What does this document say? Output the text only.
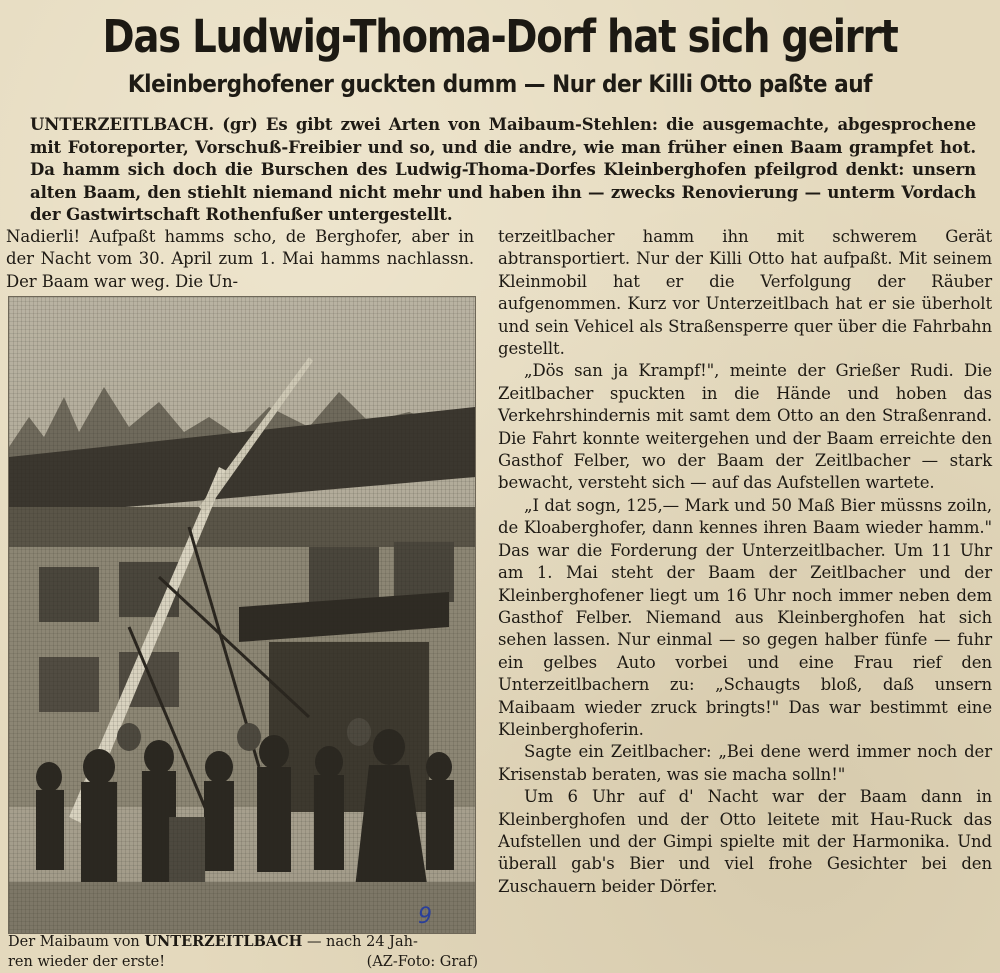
Das Ludwig-Thoma-Dorf hat sich geirrt
Kleinberghofener guckten dumm — Nur der Killi Otto paßte auf
UNTERZEITLBACH. (gr) Es gibt zwei Arten von Maibaum-Stehlen: die ausgemachte, abgesprochene mit Fotoreporter, Vorschuß-Freibier und so, und die andre, wie man früher einen Baam grampfet hot. Da hamm sich doch die Burschen des Ludwig-Thoma-Dorfes Kleinberghofen pfeilgrod denkt: unsern alten Baam, den stiehlt niemand nicht mehr und haben ihn — zwecks Renovierung — unterm Vordach der Gastwirtschaft Rothenfußer untergestellt.

Nadierli! Aufpaßt hamms scho, de Berghofer, aber in der Nacht vom 30. April zum 1. Mai hamms nachlassn. Der Baam war weg. Die Un-

9
Der Maibaum von UNTERZEITLBACH — nach 24 Jah-
ren wieder der erste!	(AZ-Foto: Graf)

terzeitlbacher hamm ihn mit schwerem Gerät abtransportiert. Nur der Killi Otto hat aufpaßt. Mit seinem Kleinmobil hat er die Verfolgung der Räuber aufgenommen. Kurz vor Unterzeitlbach hat er sie überholt und sein Vehicel als Straßensperre quer über die Fahrbahn gestellt.

„Dös san ja Krampf!", meinte der Grießer Rudi. Die Zeitlbacher spuckten in die Hände und hoben das Verkehrshindernis mit samt dem Otto an den Straßenrand. Die Fahrt konnte weitergehen und der Baam erreichte den Gasthof Felber, wo der Baam der Zeitlbacher — stark bewacht, versteht sich — auf das Aufstellen wartete.

„I dat sogn, 125,— Mark und 50 Maß Bier müssns zoiln, de Kloaberghofer, dann kennes ihren Baam wieder hamm." Das war die Forderung der Unterzeitlbacher. Um 11 Uhr am 1. Mai steht der Baam der Zeitlbacher und der Kleinberghofener liegt um 16 Uhr noch immer neben dem Gasthof Felber. Niemand aus Kleinberghofen hat sich sehen lassen. Nur einmal — so gegen halber fünfe — fuhr ein gelbes Auto vorbei und eine Frau rief den Unterzeitlbachern zu: „Schaugts bloß, daß unsern Maibaam wieder zruck bringts!" Das war bestimmt eine Kleinberghoferin.

Sagte ein Zeitlbacher: „Bei dene werd immer noch der Krisenstab beraten, was sie macha solln!"

Um 6 Uhr auf d' Nacht war der Baam dann in Kleinberghofen und der Otto leitete mit Hau-Ruck das Aufstellen und der Gimpi spielte mit der Harmonika. Und überall gab's Bier und viel frohe Gesichter bei den Zuschauern beider Dörfer.
